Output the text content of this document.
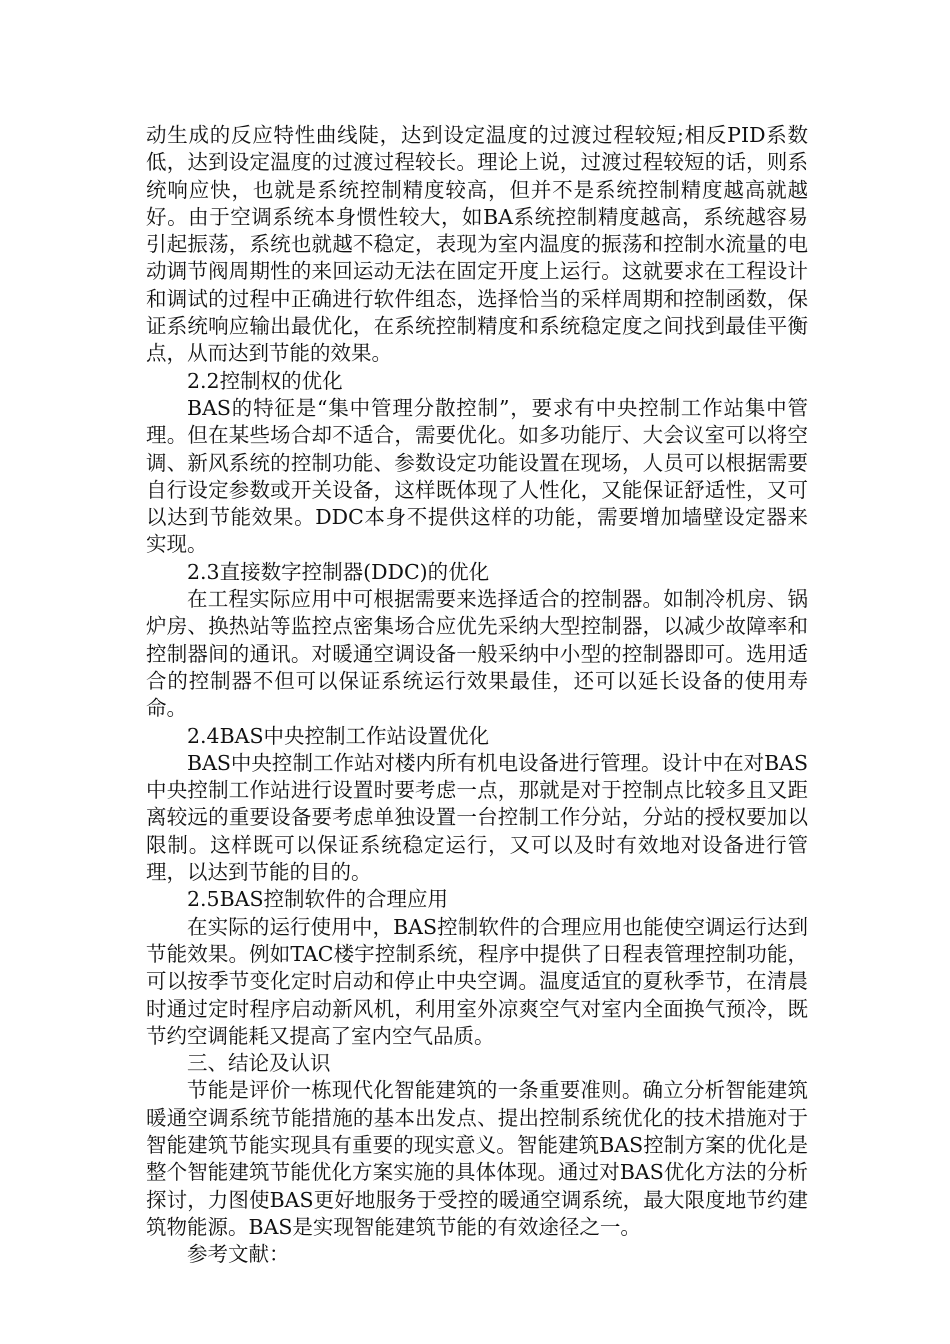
动生成的反应特性曲线陡，达到设定温度的过渡过程较短;相反PID系数低，达到设定温度的过渡过程较长。理论上说，过渡过程较短的话，则系统响应快，也就是系统控制精度较高，但并不是系统控制精度越高就越好。由于空调系统本身惯性较大，如BA系统控制精度越高，系统越容易引起振荡，系统也就越不稳定，表现为室内温度的振荡和控制水流量的电动调节阀周期性的来回运动无法在固定开度上运行。这就要求在工程设计和调试的过程中正确进行软件组态，选择恰当的采样周期和控制函数，保证系统响应输出最优化，在系统控制精度和系统稳定度之间找到最佳平衡点，从而达到节能的效果。

2.2控制权的优化

BAS的特征是“集中管理分散控制”，要求有中央控制工作站集中管理。但在某些场合却不适合，需要优化。如多功能厅、大会议室可以将空调、新风系统的控制功能、参数设定功能设置在现场，人员可以根据需要自行设定参数或开关设备，这样既体现了人性化，又能保证舒适性，又可以达到节能效果。DDC本身不提供这样的功能，需要增加墙壁设定器来实现。

2.3直接数字控制器(DDC)的优化

在工程实际应用中可根据需要来选择适合的控制器。如制冷机房、锅炉房、换热站等监控点密集场合应优先采纳大型控制器，以减少故障率和控制器间的通讯。对暖通空调设备一般采纳中小型的控制器即可。选用适合的控制器不但可以保证系统运行效果最佳，还可以延长设备的使用寿命。

2.4BAS中央控制工作站设置优化

BAS中央控制工作站对楼内所有机电设备进行管理。设计中在对BAS中央控制工作站进行设置时要考虑一点，那就是对于控制点比较多且又距离较远的重要设备要考虑单独设置一台控制工作分站，分站的授权要加以限制。这样既可以保证系统稳定运行，又可以及时有效地对设备进行管理，以达到节能的目的。

2.5BAS控制软件的合理应用

在实际的运行使用中，BAS控制软件的合理应用也能使空调运行达到节能效果。例如TAC楼宇控制系统，程序中提供了日程表管理控制功能，可以按季节变化定时启动和停止中央空调。温度适宜的夏秋季节，在清晨时通过定时程序启动新风机，利用室外凉爽空气对室内全面换气预冷，既节约空调能耗又提高了室内空气品质。

三、结论及认识

节能是评价一栋现代化智能建筑的一条重要准则。确立分析智能建筑暖通空调系统节能措施的基本出发点、提出控制系统优化的技术措施对于智能建筑节能实现具有重要的现实意义。智能建筑BAS控制方案的优化是整个智能建筑节能优化方案实施的具体体现。通过对BAS优化方法的分析探讨，力图使BAS更好地服务于受控的暖通空调系统，最大限度地节约建筑物能源。BAS是实现智能建筑节能的有效途径之一。

参考文献：
